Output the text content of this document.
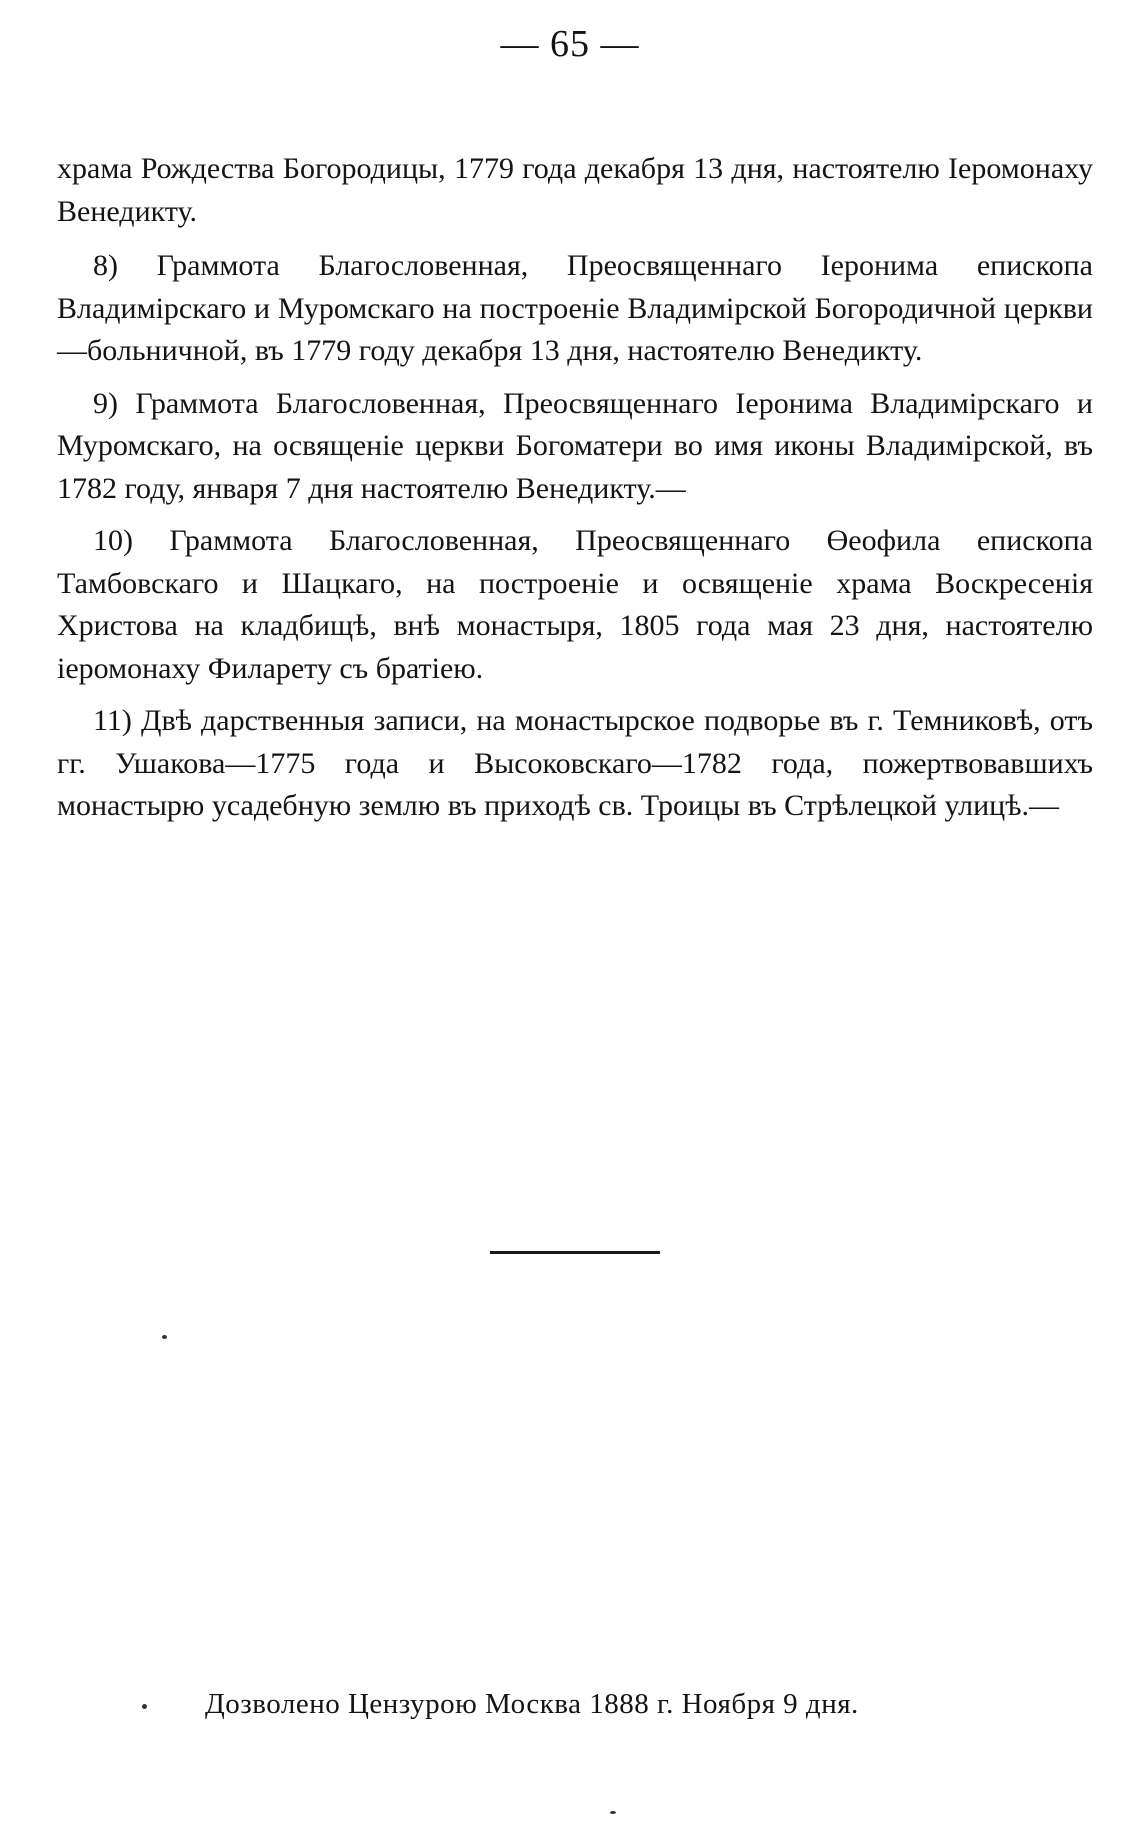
— 65 —

храма Рождества Богородицы, 1779 года декабря 13 дня, настоятелю Іеромонаху Венедикту.

8) Граммота Благословенная, Преосвященнаго Іеронима епископа Владимірскаго и Муромскаго на построеніе Владимірской Богородичной церкви—больничной, въ 1779 году декабря 13 дня, настоятелю Венедикту.

9) Граммота Благословенная, Преосвященнаго Іеронима Владимірскаго и Муромскаго, на освященіе церкви Богоматери во имя иконы Владимірской, въ 1782 году, января 7 дня настоятелю Венедикту.—

10) Граммота Благословенная, Преосвященнаго Өеофила епископа Тамбовскаго и Шацкаго, на построеніе и освященіе храма Воскресенія Христова на кладбищѣ, внѣ монастыря, 1805 года мая 23 дня, настоятелю іеромонаху Филарету съ братіею.

11) Двѣ дарственныя записи, на монастырское подворье въ г. Темниковѣ, отъ гг. Ушакова—1775 года и Высоковскаго—1782 года, пожертвовавшихъ монастырю усадебную землю въ приходѣ св. Троицы въ Стрѣлецкой улицѣ.—

Дозволено Цензурою Москва 1888 г. Ноября 9 дня.
